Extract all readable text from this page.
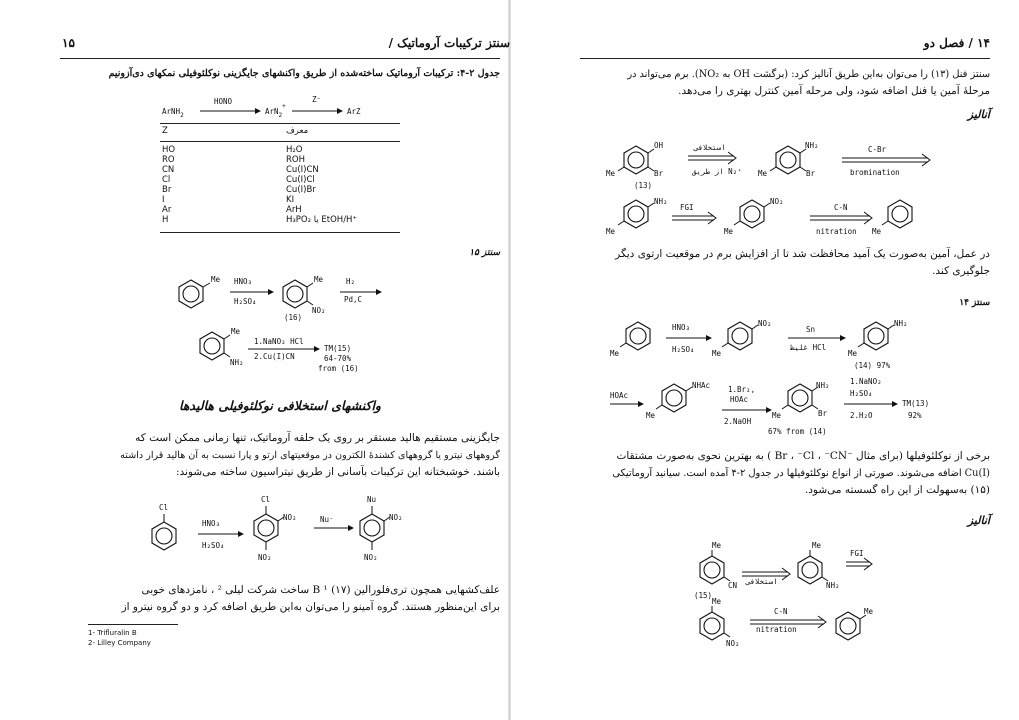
سنتز ترکیبات آروماتیک /
۱۵
جدول ۲-۴: ترکیبات آروماتیک ساخته‌شده از طریق واکنشهای جایگزینی نوکلئوفیلی نمکهای دی‌آزونیم
ArNH$_2$
HONO
ArN$_2$+
Z⁻
ArZ
Z	معرف
HO	H₂O
RO	ROH
CN	Cu(I)CN
Cl	Cu(I)Cl
Br	Cu(I)Br
I	KI
Ar	ArH
H	H₃PO₂ یا EtOH/H⁺
سنتز ۱۵
Me HNO₃
H₂SO₄
Me
NO₂
(16)
H₂
Pd,C
Me
NH₂
1.NaNO₂ HCl
2.Cu(I)CN
TM(15)
64-70%
from (16)
واکنشهای استخلافی نوکلئوفیلی هالیدها
جایگزینی مستقیم هالید مستقر بر روی یک حلقه آروماتیک، تنها زمانی ممکن است که
گروههای نیترو یا گروههای کشندهٔ الکترون در موقعیتهای ارتو و پارا نسبت به آن هالید قرار داشته
باشند. خوشبختانه این ترکیبات بآسانی از طریق نیتراسیون ساخته می‌شوند:
Cl
HNO₃
H₂SO₄
Cl
NO₂
NO₂
Nu⁻
Nu
NO₂
NO₂
علف‌کشهایی همچون تری‌فلورالین B ¹ (۱۷) ساخت شرکت لیلی ² ، نامزدهای خوبی
برای این‌منظور هستند. گروه آمینو را می‌توان به‌این طریق اضافه کرد و دو گروه نیترو از
1- Trifluralin B
2- Lilley Company
۱۴ / فصل دو
سنتز فنل (۱۳) را می‌توان به‌این طریق آنالیز کرد: (برگشت OH به NO₂). برم می‌تواند در
مرحلهٔ آمین یا فنل اضافه شود، ولی مرحله آمین کنترل بهتری را می‌دهد.
آنالیز
OH
Me	Br
(13)
استخلافی
از طریق N₂⁺
NH₂
Me	Br
C-Br
bromination
NH₂
Me
FGI
NO₂
Me
C-N
nitration Me
در عمل، آمین به‌صورت یک آمید محافظت شد تا از افزایش برم در موقعیت ارتوی دیگر
جلوگیری کند.
سنتز ۱۴
Me
HNO₃
H₂SO₄
NO₂
Me
Sn
غلیظ HCl
NH₂
Me
(14) 97%
HOAc
NHAc
Me
1.Br₂,
HOAc
2.NaOH
NH₂
Me	Br
67% from (14)
1.NaNO₂
H₂SO₄
2.H₂O
TM(13)
92%
برخی از نوکلئوفیلها (برای مثال ⁻Br ، ⁻Cl ، ⁻CN ) به بهترین نحوی به‌صورت مشتقات
Cu(I) اضافه می‌شوند. صورتی از انواع نوکلئوفیلها در جدول ۲-۴ آمده است. سیانید آروماتیکی
(۱۵) به‌سهولت از این راه گسسته می‌شود.
آنالیز
Me
CN
(15)
استخلافی
Me
NH₂
FGI
Me
NO₂
C-N
nitration
Me
